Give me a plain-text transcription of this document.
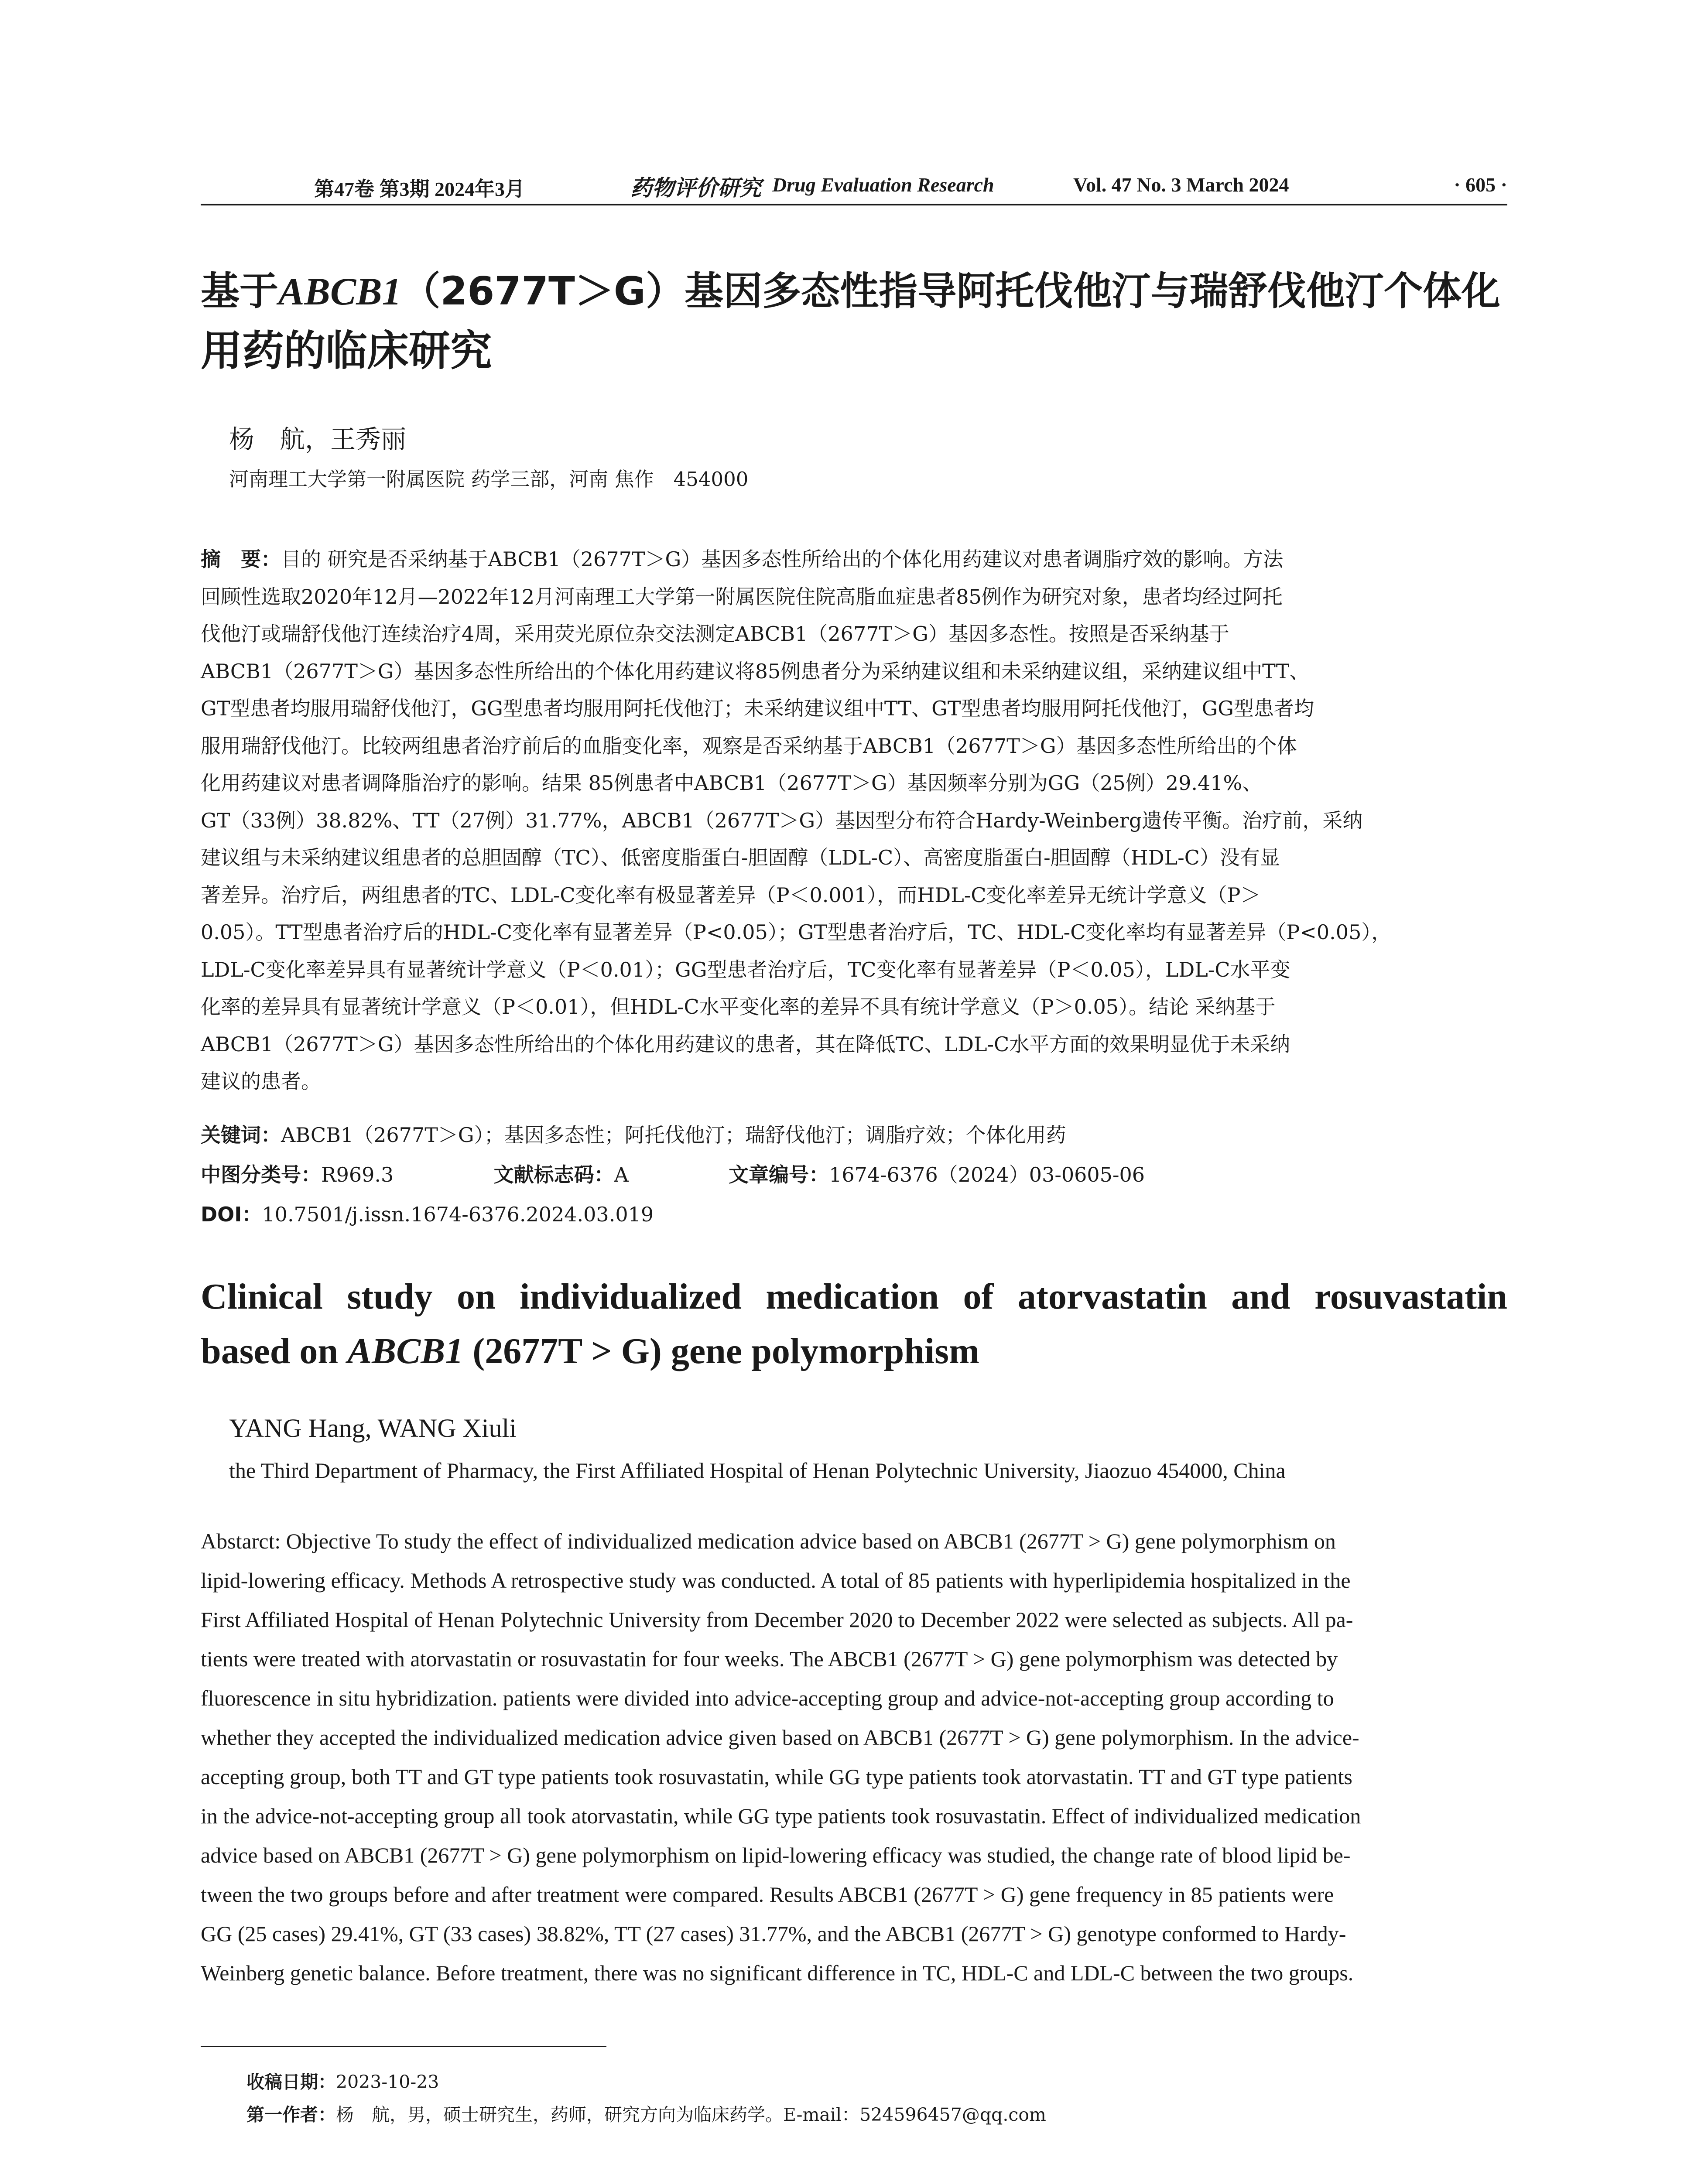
第47卷 第3期 2024年3月	药物评价研究 Drug Evaluation Research	Vol. 47 No. 3 March 2024	· 605 ·
基于ABCB1（2677T＞G）基因多态性指导阿托伐他汀与瑞舒伐他汀个体化
用药的临床研究
杨　航，王秀丽
河南理工大学第一附属医院 药学三部，河南 焦作　454000
摘　要：目的 研究是否采纳基于ABCB1（2677T＞G）基因多态性所给出的个体化用药建议对患者调脂疗效的影响。方法
回顾性选取2020年12月—2022年12月河南理工大学第一附属医院住院高脂血症患者85例作为研究对象，患者均经过阿托
伐他汀或瑞舒伐他汀连续治疗4周，采用荧光原位杂交法测定ABCB1（2677T＞G）基因多态性。按照是否采纳基于
ABCB1（2677T＞G）基因多态性所给出的个体化用药建议将85例患者分为采纳建议组和未采纳建议组，采纳建议组中TT、
GT型患者均服用瑞舒伐他汀，GG型患者均服用阿托伐他汀；未采纳建议组中TT、GT型患者均服用阿托伐他汀，GG型患者均
服用瑞舒伐他汀。比较两组患者治疗前后的血脂变化率，观察是否采纳基于ABCB1（2677T＞G）基因多态性所给出的个体
化用药建议对患者调降脂治疗的影响。结果 85例患者中ABCB1（2677T＞G）基因频率分别为GG（25例）29.41%、
GT（33例）38.82%、TT（27例）31.77%，ABCB1（2677T＞G）基因型分布符合Hardy-Weinberg遗传平衡。治疗前，采纳
建议组与未采纳建议组患者的总胆固醇（TC）、低密度脂蛋白-胆固醇（LDL-C）、高密度脂蛋白-胆固醇（HDL-C）没有显
著差异。治疗后，两组患者的TC、LDL-C变化率有极显著差异（P＜0.001），而HDL-C变化率差异无统计学意义（P＞
0.05）。TT型患者治疗后的HDL-C变化率有显著差异（P<0.05）；GT型患者治疗后，TC、HDL-C变化率均有显著差异（P<0.05），
LDL-C变化率差异具有显著统计学意义（P＜0.01）；GG型患者治疗后，TC变化率有显著差异（P＜0.05），LDL-C水平变
化率的差异具有显著统计学意义（P＜0.01），但HDL-C水平变化率的差异不具有统计学意义（P＞0.05）。结论 采纳基于
ABCB1（2677T＞G）基因多态性所给出的个体化用药建议的患者，其在降低TC、LDL-C水平方面的效果明显优于未采纳
建议的患者。
关键词：ABCB1（2677T＞G）；基因多态性；阿托伐他汀；瑞舒伐他汀；调脂疗效；个体化用药
中图分类号：R969.3	文献标志码：A	文章编号：1674-6376（2024）03-0605-06
DOI：10.7501/j.issn.1674-6376.2024.03.019
Clinical study on individualized medication of atorvastatin and rosuvastatin
based on ABCB1 (2677T > G) gene polymorphism
YANG Hang, WANG Xiuli
the Third Department of Pharmacy, the First Affiliated Hospital of Henan Polytechnic University, Jiaozuo 454000, China
Abstarct: Objective To study the effect of individualized medication advice based on ABCB1 (2677T > G) gene polymorphism on
lipid-lowering efficacy. Methods A retrospective study was conducted. A total of 85 patients with hyperlipidemia hospitalized in the
First Affiliated Hospital of Henan Polytechnic University from December 2020 to December 2022 were selected as subjects. All pa-
tients were treated with atorvastatin or rosuvastatin for four weeks. The ABCB1 (2677T > G) gene polymorphism was detected by
fluorescence in situ hybridization. patients were divided into advice-accepting group and advice-not-accepting group according to
whether they accepted the individualized medication advice given based on ABCB1 (2677T > G) gene polymorphism. In the advice-
accepting group, both TT and GT type patients took rosuvastatin, while GG type patients took atorvastatin. TT and GT type patients
in the advice-not-accepting group all took atorvastatin, while GG type patients took rosuvastatin. Effect of individualized medication
advice based on ABCB1 (2677T > G) gene polymorphism on lipid-lowering efficacy was studied, the change rate of blood lipid be-
tween the two groups before and after treatment were compared. Results ABCB1 (2677T > G) gene frequency in 85 patients were
GG (25 cases) 29.41%, GT (33 cases) 38.82%, TT (27 cases) 31.77%, and the ABCB1 (2677T > G) genotype conformed to Hardy-
Weinberg genetic balance. Before treatment, there was no significant difference in TC, HDL-C and LDL-C between the two groups.
收稿日期：2023-10-23
第一作者：杨　航，男，硕士研究生，药师，研究方向为临床药学。E-mail：524596457@qq.com
